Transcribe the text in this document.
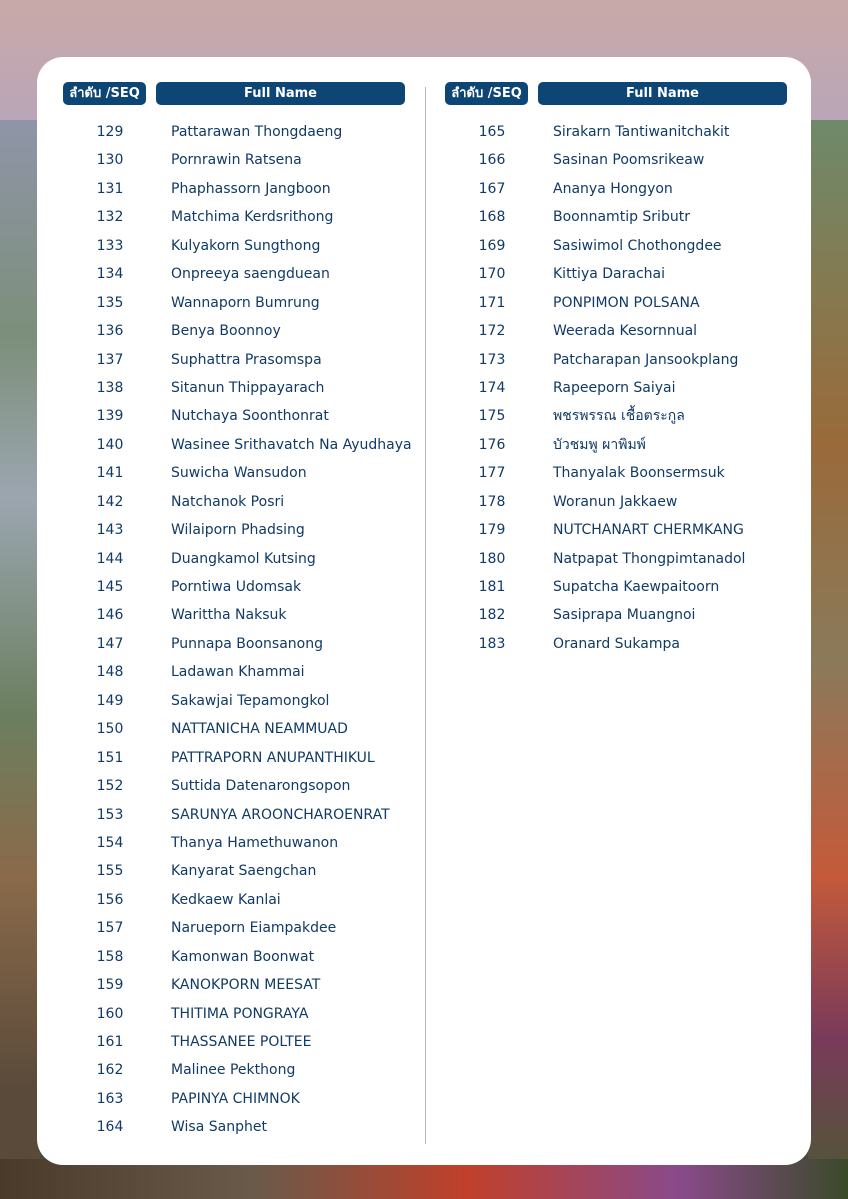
ลำดับ /SEQ	Full Name
129	Pattarawan Thongdaeng
130	Pornrawin Ratsena
131	Phaphassorn Jangboon
132	Matchima Kerdsrithong
133	Kulyakorn Sungthong
134	Onpreeya saengduean
135	Wannaporn Bumrung
136	Benya Boonnoy
137	Suphattra Prasomspa
138	Sitanun Thippayarach
139	Nutchaya Soonthonrat
140	Wasinee Srithavatch Na Ayudhaya
141	Suwicha Wansudon
142	Natchanok Posri
143	Wilaiporn Phadsing
144	Duangkamol Kutsing
145	Porntiwa Udomsak
146	Warittha Naksuk
147	Punnapa Boonsanong
148	Ladawan Khammai
149	Sakawjai Tepamongkol
150	NATTANICHA NEAMMUAD
151	PATTRAPORN ANUPANTHIKUL
152	Suttida Datenarongsopon
153	SARUNYA AROONCHAROENRAT
154	Thanya Hamethuwanon
155	Kanyarat Saengchan
156	Kedkaew Kanlai
157	Narueporn Eiampakdee
158	Kamonwan Boonwat
159	KANOKPORN MEESAT
160	THITIMA PONGRAYA
161	THASSANEE POLTEE
162	Malinee Pekthong
163	PAPINYA CHIMNOK
164	Wisa Sanphet
ลำดับ /SEQ	Full Name
165	Sirakarn Tantiwanitchakit
166	Sasinan Poomsrikeaw
167	Ananya Hongyon
168	Boonnamtip Sributr
169	Sasiwimol Chothongdee
170	Kittiya Darachai
171	PONPIMON POLSANA
172	Weerada Kesornnual
173	Patcharapan Jansookplang
174	Rapeeporn Saiyai
175	พชรพรรณ เชื้อตระกูล
176	บัวชมพู ผาพิมพ์
177	Thanyalak Boonsermsuk
178	Woranun Jakkaew
179	NUTCHANART CHERMKANG
180	Natpapat Thongpimtanadol
181	Supatcha Kaewpaitoorn
182	Sasiprapa Muangnoi
183	Oranard Sukampa
